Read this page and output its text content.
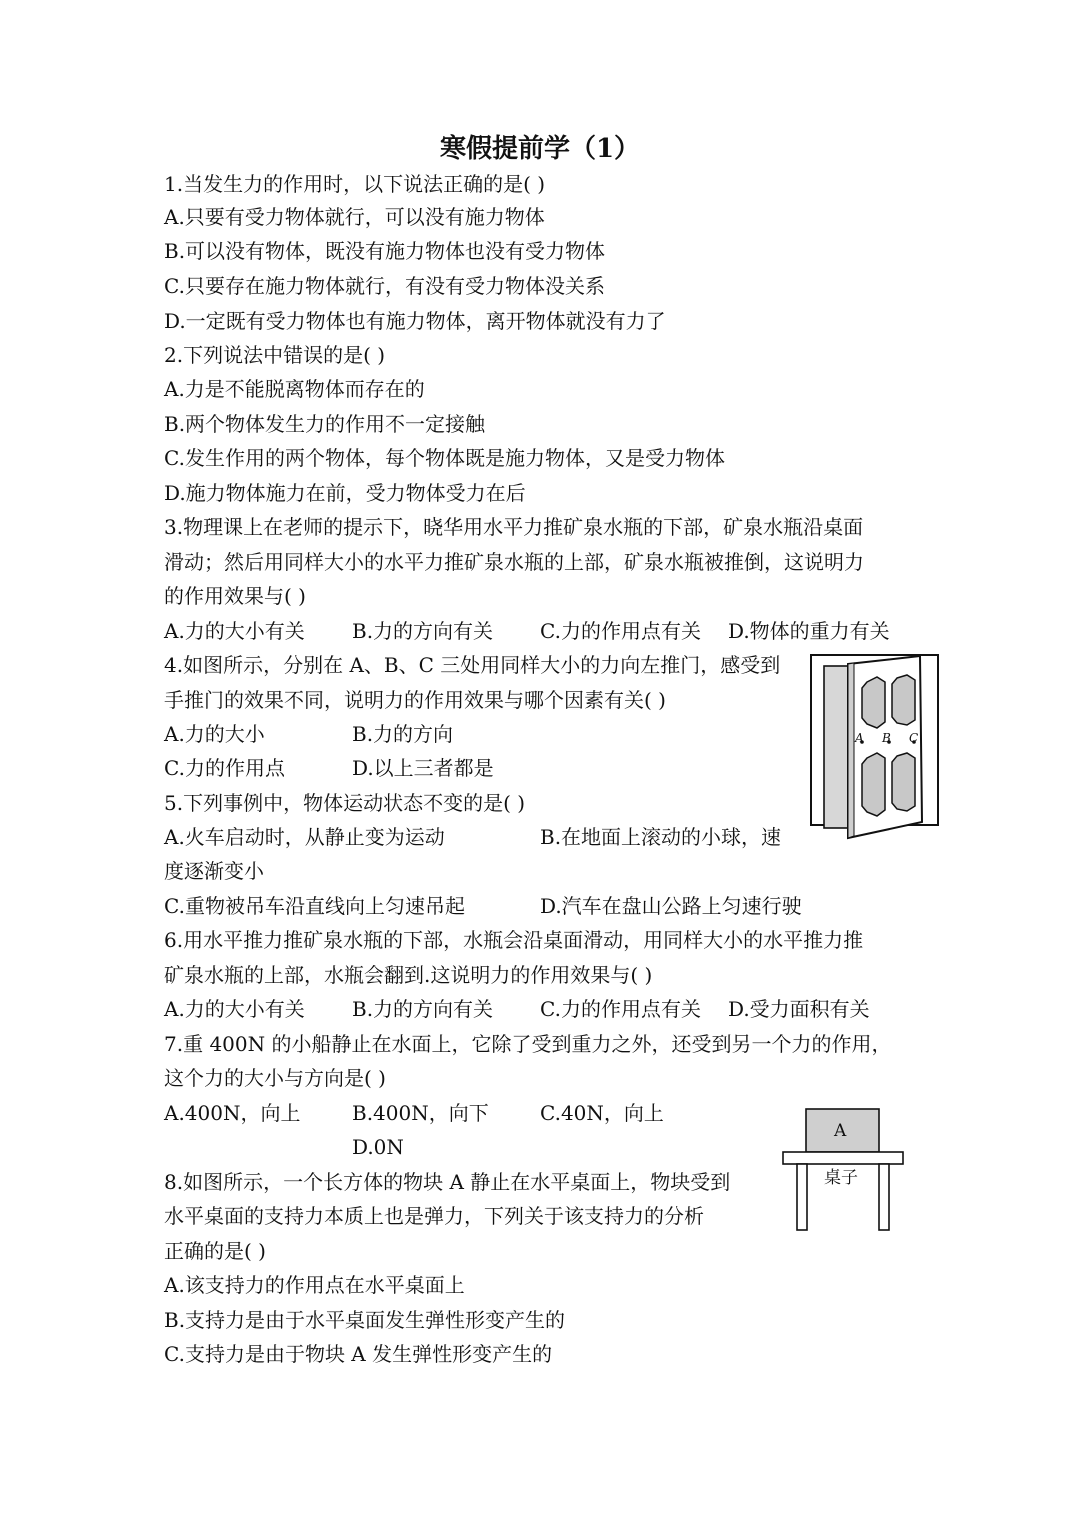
寒假提前学（1）
1.当发生力的作用时，以下说法正确的是( )
A.只要有受力物体就行，可以没有施力物体
B.可以没有物体，既没有施力物体也没有受力物体
C.只要存在施力物体就行，有没有受力物体没关系
D.一定既有受力物体也有施力物体，离开物体就没有力了
2.下列说法中错误的是( )
A.力是不能脱离物体而存在的
B.两个物体发生力的作用不一定接触
C.发生作用的两个物体，每个物体既是施力物体，又是受力物体
D.施力物体施力在前，受力物体受力在后
3.物理课上在老师的提示下，晓华用水平力推矿泉水瓶的下部，矿泉水瓶沿桌面
滑动；然后用同样大小的水平力推矿泉水瓶的上部，矿泉水瓶被推倒，这说明力
的作用效果与( )
A.力的大小有关 B.力的方向有关 C.力的作用点有关 D.物体的重力有关
4.如图所示，分别在 A、B、C 三处用同样大小的力向左推门，感受到
手推门的效果不同，说明力的作用效果与哪个因素有关( )
A.力的大小	B.力的方向
C.力的作用点	D.以上三者都是
A B C
5.下列事例中，物体运动状态不变的是( )
A.火车启动时，从静止变为运动	B.在地面上滚动的小球，速
度逐渐变小
C.重物被吊车沿直线向上匀速吊起	D.汽车在盘山公路上匀速行驶
6.用水平推力推矿泉水瓶的下部，水瓶会沿桌面滑动，用同样大小的水平推力推
矿泉水瓶的上部，水瓶会翻到.这说明力的作用效果与( )
A.力的大小有关 B.力的方向有关 C.力的作用点有关 D.受力面积有关
7.重 400N 的小船静止在水面上，它除了受到重力之外，还受到另一个力的作用，
这个力的大小与方向是( )
A.400N，向上	B.400N，向下	C.40N，向上
D.0N
A
桌子
8.如图所示，一个长方体的物块 A 静止在水平桌面上，物块受到
水平桌面的支持力本质上也是弹力，下列关于该支持力的分析
正确的是( )
A.该支持力的作用点在水平桌面上
B.支持力是由于水平桌面发生弹性形变产生的
C.支持力是由于物块 A 发生弹性形变产生的
